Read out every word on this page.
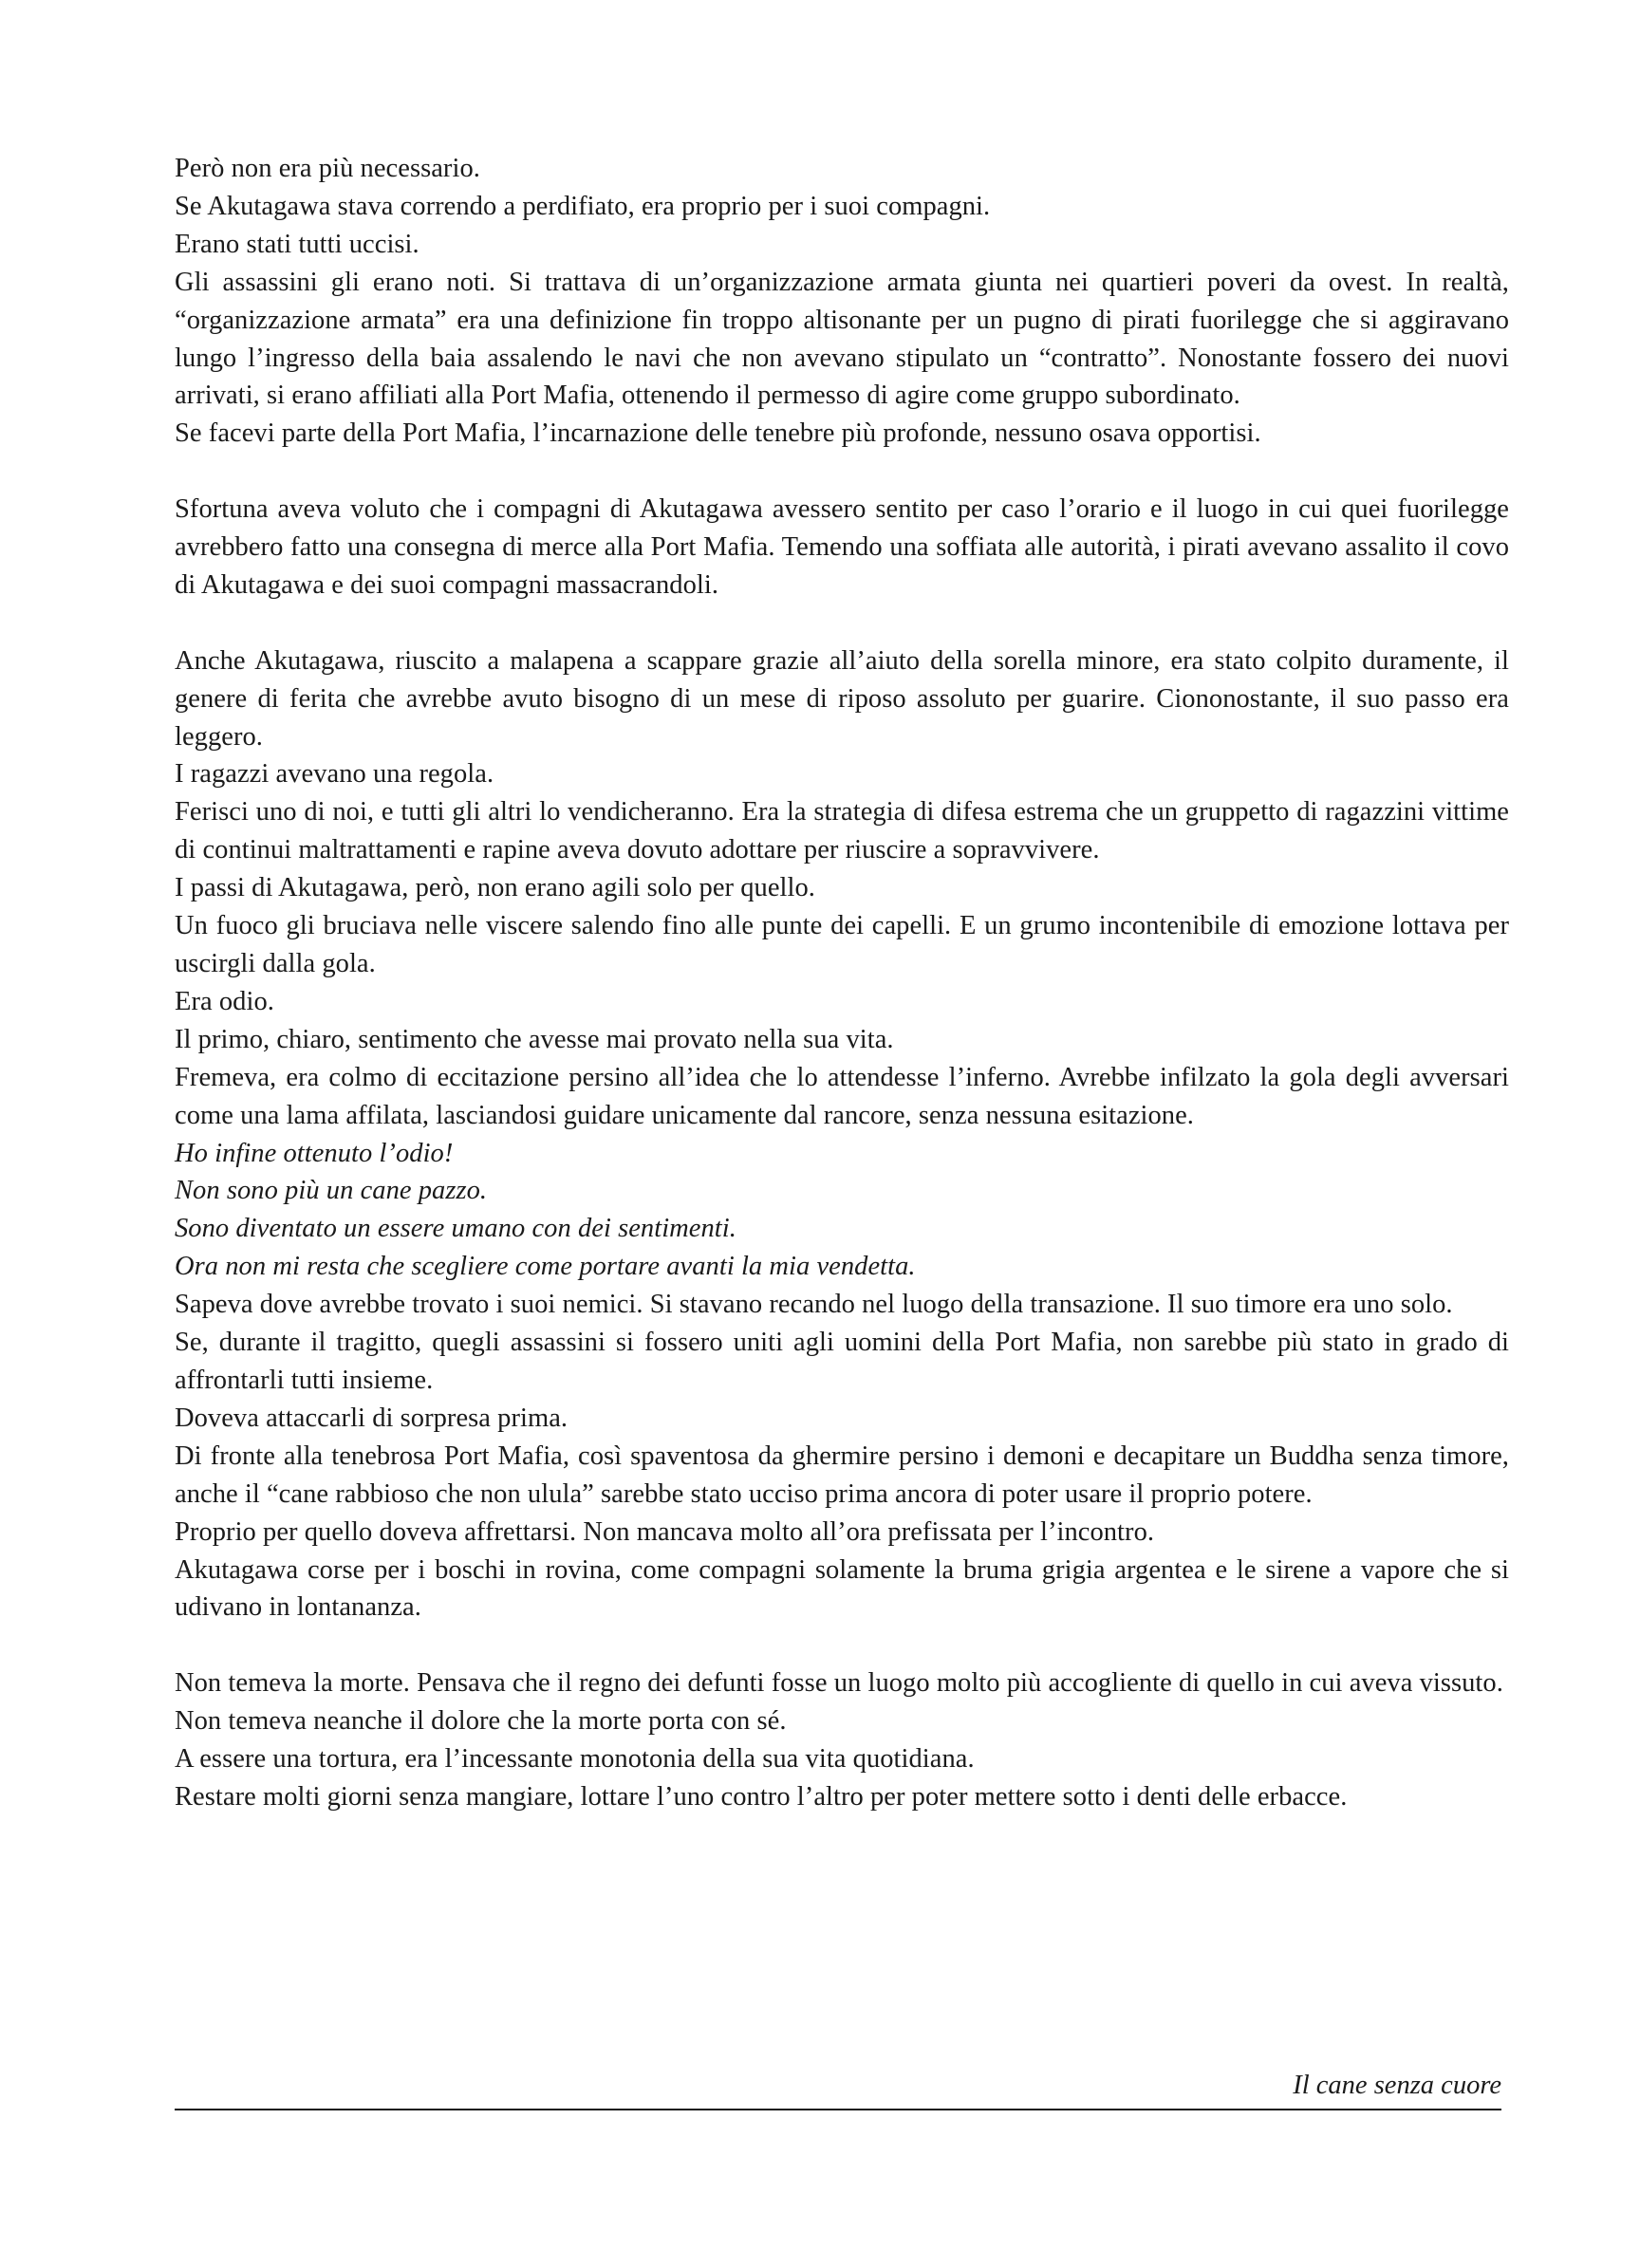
Però non era più necessario.

Se Akutagawa stava correndo a perdifiato, era proprio per i suoi compagni.

Erano stati tutti uccisi.

Gli assassini gli erano noti. Si trattava di un’organizzazione armata giunta nei quartieri poveri da ovest. In realtà, “organizzazione armata” era una definizione fin troppo altisonante per un pugno di pirati fuorilegge che si aggiravano lungo l’ingresso della baia assalendo le navi che non avevano stipulato un “contratto”. Nonostante fossero dei nuovi arrivati, si erano affiliati alla Port Mafia, ottenendo il permesso di agire come gruppo subordinato.

Se facevi parte della Port Mafia, l’incarnazione delle tenebre più profonde, nessuno osava opportisi.

Sfortuna aveva voluto che i compagni di Akutagawa avessero sentito per caso l’orario e il luogo in cui quei fuorilegge avrebbero fatto una consegna di merce alla Port Mafia. Temendo una soffiata alle autorità, i pirati avevano assalito il covo di Akutagawa e dei suoi compagni massacrandoli.

Anche Akutagawa, riuscito a malapena a scappare grazie all’aiuto della sorella minore, era stato colpito duramente, il genere di ferita che avrebbe avuto bisogno di un mese di riposo assoluto per guarire. Ciononostante, il suo passo era leggero.

I ragazzi avevano una regola.

Ferisci uno di noi, e tutti gli altri lo vendicheranno. Era la strategia di difesa estrema che un gruppetto di ragazzini vittime di continui maltrattamenti e rapine aveva dovuto adottare per riuscire a sopravvivere.

I passi di Akutagawa, però, non erano agili solo per quello.

Un fuoco gli bruciava nelle viscere salendo fino alle punte dei capelli. E un grumo incontenibile di emozione lottava per uscirgli dalla gola.

Era odio.

Il primo, chiaro, sentimento che avesse mai provato nella sua vita.

Fremeva, era colmo di eccitazione persino all’idea che lo attendesse l’inferno. Avrebbe infilzato la gola degli avversari come una lama affilata, lasciandosi guidare unicamente dal rancore, senza nessuna esitazione.

Ho infine ottenuto l’odio!

Non sono più un cane pazzo.

Sono diventato un essere umano con dei sentimenti.

Ora non mi resta che scegliere come portare avanti la mia vendetta.

Sapeva dove avrebbe trovato i suoi nemici. Si stavano recando nel luogo della transazione. Il suo timore era uno solo.

Se, durante il tragitto, quegli assassini si fossero uniti agli uomini della Port Mafia, non sarebbe più stato in grado di affrontarli tutti insieme.

Doveva attaccarli di sorpresa prima.

Di fronte alla tenebrosa Port Mafia, così spaventosa da ghermire persino i demoni e decapitare un Buddha senza timore, anche il “cane rabbioso che non ulula” sarebbe stato ucciso prima ancora di poter usare il proprio potere.

Proprio per quello doveva affrettarsi. Non mancava molto all’ora prefissata per l’incontro.

Akutagawa corse per i boschi in rovina, come compagni solamente la bruma grigia argentea e le sirene a vapore che si udivano in lontananza.

Non temeva la morte. Pensava che il regno dei defunti fosse un luogo molto più accogliente di quello in cui aveva vissuto.

Non temeva neanche il dolore che la morte porta con sé.

A essere una tortura, era l’incessante monotonia della sua vita quotidiana.

Restare molti giorni senza mangiare, lottare l’uno contro l’altro per poter mettere sotto i denti delle erbacce.

Il cane senza cuore
